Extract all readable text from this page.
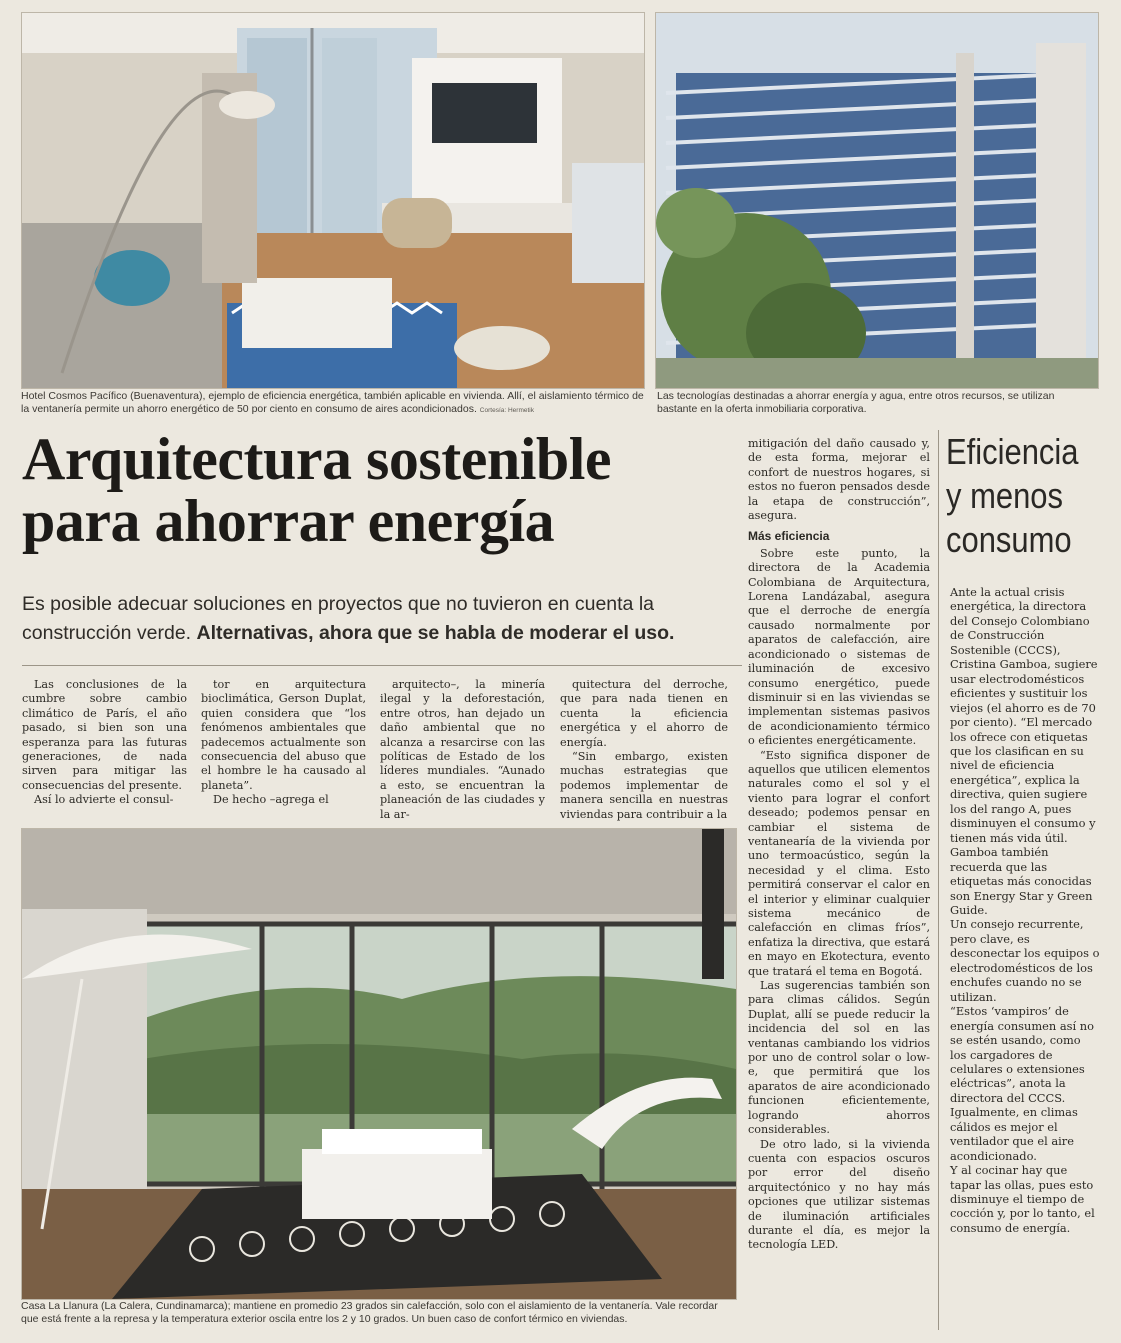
Hotel Cosmos Pacífico (Buenaventura), ejemplo de eficiencia energética, también aplicable en vivienda. Allí, el aislamiento térmico de la ventanería permite un ahorro energético de 50 por ciento en consumo de aires acondicionados. Cortesía: Hermetik
Las tecnologías destinadas a ahorrar energía y agua, entre otros recursos, se utilizan bastante en la oferta inmobiliaria corporativa.
Arquitectura sostenible
para ahorrar energía
Es posible adecuar soluciones en proyectos que no tuvieron en cuenta la construcción verde. Alternativas, ahora que se habla de moderar el uso.

Las conclusiones de la cumbre sobre cambio climático de París, el año pasado, si bien son una esperanza para las futuras generaciones, de nada sirven para mitigar las consecuencias del presente.

Así lo advierte el consul-

tor en arquitectura bioclimática, Gerson Duplat, quien considera que “los fenómenos ambientales que padecemos actualmente son consecuencia del abuso que el hombre le ha causado al planeta”.

De hecho –agrega el

arquitecto–, la minería ilegal y la deforestación, entre otros, han dejado un daño ambiental que no alcanza a resarcirse con las políticas de Estado de los líderes mundiales. “Aunado a esto, se encuentran la planeación de las ciudades y la ar-

quitectura del derroche, que para nada tienen en cuenta la eficiencia energética y el ahorro de energía.

“Sin embargo, existen muchas estrategias que podemos implementar de manera sencilla en nuestras viviendas para contribuir a la

Casa La Llanura (La Calera, Cundinamarca); mantiene en promedio 23 grados sin calefacción, solo con el aislamiento de la ventanería. Vale recordar que está frente a la represa y la temperatura exterior oscila entre los 2 y 10 grados. Un buen caso de confort térmico en viviendas.

mitigación del daño causado y, de esta forma, mejorar el confort de nuestros hogares, si estos no fueron pensados desde la etapa de construcción”, asegura.

Más eficiencia

Sobre este punto, la directora de la Academia Colombiana de Arquitectura, Lorena Landázabal, asegura que el derroche de energía causado normalmente por aparatos de calefacción, aire acondicionado o sistemas de iluminación de excesivo consumo energético, puede disminuir si en las viviendas se implementan sistemas pasivos de acondicionamiento térmico o eficientes energéticamente.

“Esto significa disponer de aquellos que utilicen elementos naturales como el sol y el viento para lograr el confort deseado; podemos pensar en cambiar el sistema de ventanearía de la vivienda por uno termoacústico, según la necesidad y el clima. Esto permitirá conservar el calor en el interior y eliminar cualquier sistema mecánico de calefacción en climas fríos”, enfatiza la directiva, que estará en mayo en Ekotectura, evento que tratará el tema en Bogotá.

Las sugerencias también son para climas cálidos. Según Duplat, allí se puede reducir la incidencia del sol en las ventanas cambiando los vidrios por uno de control solar o low-e, que permitirá que los aparatos de aire acondicionado funcionen eficientemente, logrando ahorros considerables.

De otro lado, si la vivienda cuenta con espacios oscuros por error del diseño arquitectónico y no hay más opciones que utilizar sistemas de iluminación artificiales durante el día, es mejor la tecnología LED.

Eficiencia
y menos
consumo

Ante la actual crisis energética, la directora del Consejo Colombiano de Construcción Sostenible (CCCS), Cristina Gamboa, sugiere usar electrodomésticos eficientes y sustituir los viejos (el ahorro es de 70 por ciento). “El mercado los ofrece con etiquetas que los clasifican en su nivel de eficiencia energética”, explica la directiva, quien sugiere los del rango A, pues disminuyen el consumo y tienen más vida útil. Gamboa también recuerda que las etiquetas más conocidas son Energy Star y Green Guide.

Un consejo recurrente, pero clave, es desconectar los equipos o electrodomésticos de los enchufes cuando no se utilizan.

“Estos ‘vampiros’ de energía consumen así no se estén usando, como los cargadores de celulares o extensiones eléctricas”, anota la directora del CCCS.

Igualmente, en climas cálidos es mejor el ventilador que el aire acondicionado.

Y al cocinar hay que tapar las ollas, pues esto disminuye el tiempo de cocción y, por lo tanto, el consumo de energía.
